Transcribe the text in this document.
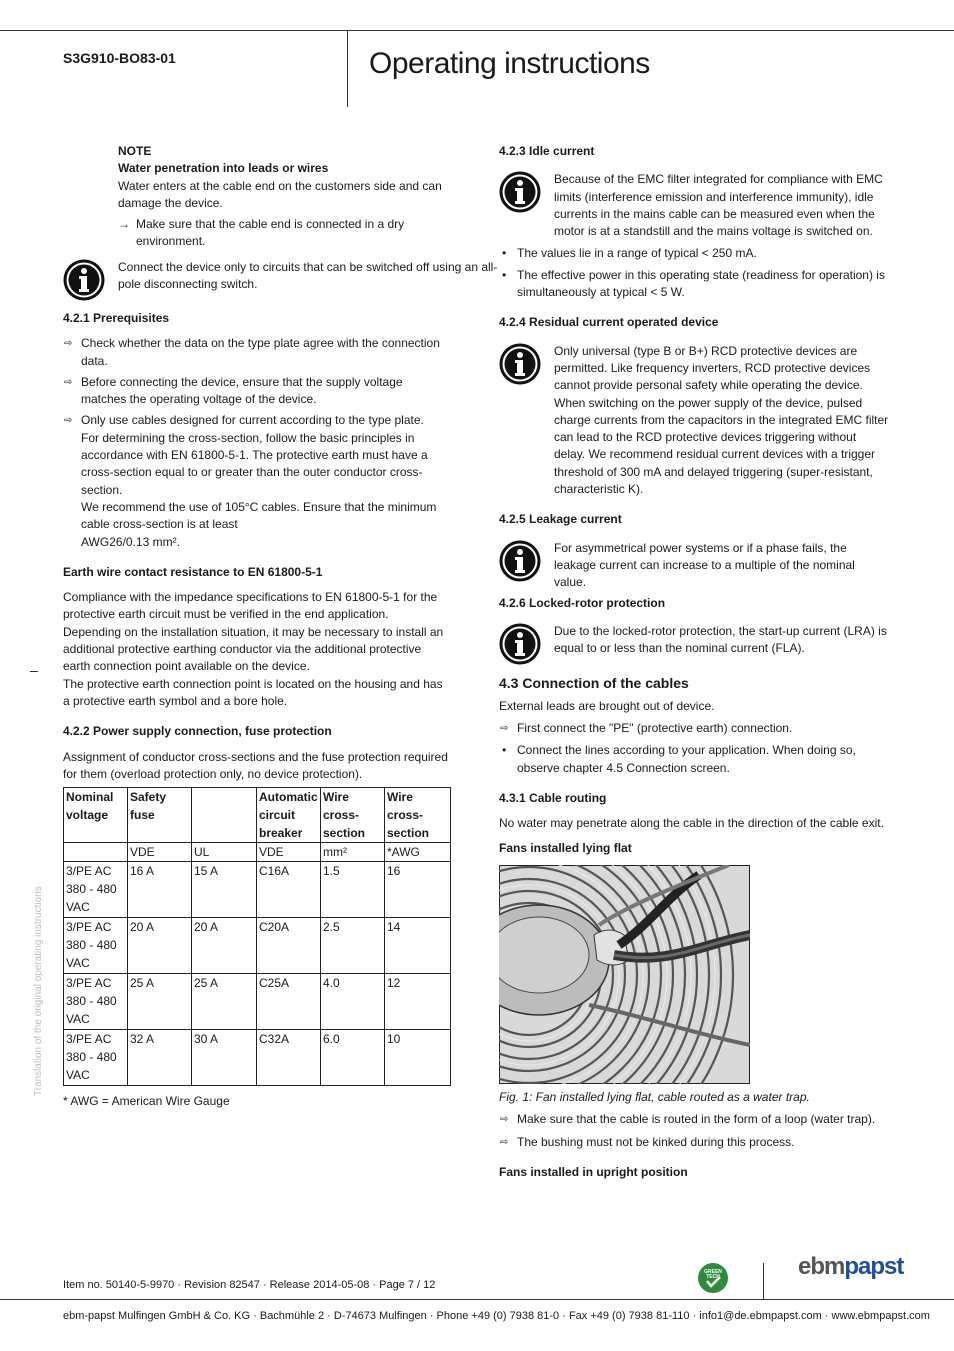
S3G910-BO83-01	Operating instructions

NOTE

Water penetration into leads or wires

Water enters at the cable end on the customers side and can damage the device.

→ Make sure that the cable end is connected in a dry environment.

Connect the device only to circuits that can be switched off using an all-pole disconnecting switch.

4.2.1 Prerequisites

⇨ Check whether the data on the type plate agree with the connection data.

⇨ Before connecting the device, ensure that the supply voltage matches the operating voltage of the device.

⇨ Only use cables designed for current according to the type plate.
For determining the cross-section, follow the basic principles in accordance with EN 61800-5-1. The protective earth must have a cross-section equal to or greater than the outer conductor cross-section.
We recommend the use of 105°C cables. Ensure that the minimum cable cross-section is at least
AWG26/0.13 mm².

Earth wire contact resistance to EN 61800-5-1

Compliance with the impedance specifications to EN 61800-5-1 for the protective earth circuit must be verified in the end application.
Depending on the installation situation, it may be necessary to install an additional protective earthing conductor via the additional protective earth connection point available on the device.
The protective earth connection point is located on the housing and has a protective earth symbol and a bore hole.

4.2.2 Power supply connection, fuse protection

Assignment of conductor cross-sections and the fuse protection required for them (overload protection only, no device protection).

Nominal voltage	Safety fuse		Automatic circuit breaker	Wire cross-section	Wire cross-section
	VDE	UL	VDE	mm²	*AWG
3/PE AC 380 - 480 VAC	16 A	15 A	C16A	1.5	16
3/PE AC 380 - 480 VAC	20 A	20 A	C20A	2.5	14
3/PE AC 380 - 480 VAC	25 A	25 A	C25A	4.0	12
3/PE AC 380 - 480 VAC	32 A	30 A	C32A	6.0	10
* AWG = American Wire Gauge
Translation of the original operating instructions

4.2.3 Idle current

Because of the EMC filter integrated for compliance with EMC limits (interference emission and interference immunity), idle currents in the mains cable can be measured even when the motor is at a standstill and the mains voltage is switched on.

• The values lie in a range of typical < 250 mA.

• The effective power in this operating state (readiness for operation) is simultaneously at typical < 5 W.

4.2.4 Residual current operated device

Only universal (type B or B+) RCD protective devices are permitted. Like frequency inverters, RCD protective devices cannot provide personal safety while operating the device. When switching on the power supply of the device, pulsed charge currents from the capacitors in the integrated EMC filter can lead to the RCD protective devices triggering without delay. We recommend residual current devices with a trigger threshold of 300 mA and delayed triggering (super-resistant, characteristic K).

4.2.5 Leakage current

For asymmetrical power systems or if a phase fails, the leakage current can increase to a multiple of the nominal value.

4.2.6 Locked-rotor protection

Due to the locked-rotor protection, the start-up current (LRA) is equal to or less than the nominal current (FLA).

4.3 Connection of the cables

External leads are brought out of device.

⇨ First connect the "PE" (protective earth) connection.

• Connect the lines according to your application. When doing so, observe chapter 4.5 Connection screen.

4.3.1 Cable routing

No water may penetrate along the cable in the direction of the cable exit.

Fans installed lying flat

Fig. 1: Fan installed lying flat, cable routed as a water trap.

⇨ Make sure that the cable is routed in the form of a loop (water trap).

⇨ The bushing must not be kinked during this process.

Fans installed in upright position

Item no. 50140-5-9970 · Revision 82547 · Release 2014-05-08 · Page 7 / 12
GREEN
TECH	ebmpapst
ebm-papst Mulfingen GmbH & Co. KG · Bachmühle 2 · D-74673 Mulfingen · Phone +49 (0) 7938 81-0 · Fax +49 (0) 7938 81-110 · info1@de.ebmpapst.com · www.ebmpapst.com
